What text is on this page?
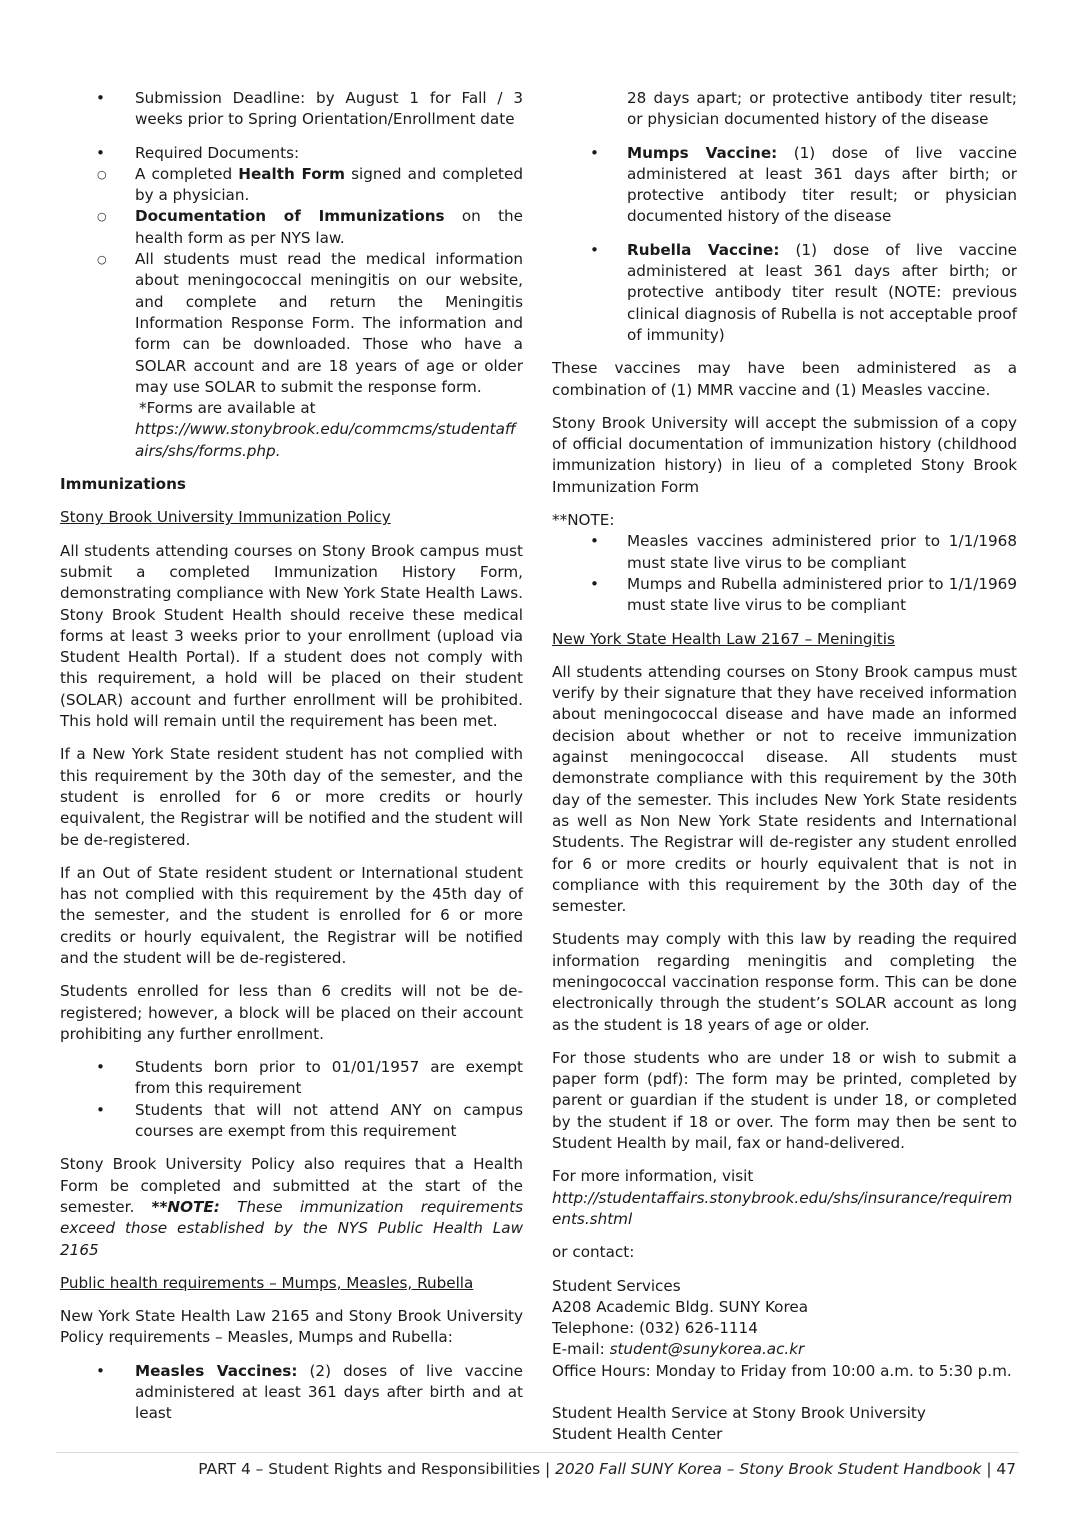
• Submission Deadline: by August 1 for Fall / 3 weeks prior to Spring Orientation/Enrollment date
• Required Documents:
○ A completed Health Form signed and completed by a physician.
○ Documentation of Immunizations on the health form as per NYS law.
○ All students must read the medical information about meningococcal meningitis on our website, and complete and return the Meningitis Information Response Form. The information and form can be downloaded. Those who have a SOLAR account and are 18 years of age or older may use SOLAR to submit the response form.
*Forms are available at
https://www.stonybrook.edu/commcms/studentaffairs/shs/forms.php.

Immunizations

Stony Brook University Immunization Policy

All students attending courses on Stony Brook campus must submit a completed Immunization History Form, demonstrating compliance with New York State Health Laws. Stony Brook Student Health should receive these medical forms at least 3 weeks prior to your enrollment (upload via Student Health Portal). If a student does not comply with this requirement, a hold will be placed on their student (SOLAR) account and further enrollment will be prohibited. This hold will remain until the requirement has been met.

If a New York State resident student has not complied with this requirement by the 30th day of the semester, and the student is enrolled for 6 or more credits or hourly equivalent, the Registrar will be notified and the student will be de-registered.

If an Out of State resident student or International student has not complied with this requirement by the 45th day of the semester, and the student is enrolled for 6 or more credits or hourly equivalent, the Registrar will be notified and the student will be de-registered.

Students enrolled for less than 6 credits will not be de-registered; however, a block will be placed on their account prohibiting any further enrollment.

• Students born prior to 01/01/1957 are exempt from this requirement
• Students that will not attend ANY on campus courses are exempt from this requirement

Stony Brook University Policy also requires that a Health Form be completed and submitted at the start of the semester. **NOTE: These immunization requirements exceed those established by the NYS Public Health Law 2165

Public health requirements – Mumps, Measles, Rubella

New York State Health Law 2165 and Stony Brook University Policy requirements – Measles, Mumps and Rubella:

• Measles Vaccines: (2) doses of live vaccine administered at least 361 days after birth and at least
28 days apart; or protective antibody titer result; or physician documented history of the disease
• Mumps Vaccine: (1) dose of live vaccine administered at least 361 days after birth; or protective antibody titer result; or physician documented history of the disease
• Rubella Vaccine: (1) dose of live vaccine administered at least 361 days after birth; or protective antibody titer result (NOTE: previous clinical diagnosis of Rubella is not acceptable proof of immunity)

These vaccines may have been administered as a combination of (1) MMR vaccine and (1) Measles vaccine.

Stony Brook University will accept the submission of a copy of official documentation of immunization history (childhood immunization history) in lieu of a completed Stony Brook Immunization Form

**NOTE:
• Measles vaccines administered prior to 1/1/1968 must state live virus to be compliant
• Mumps and Rubella administered prior to 1/1/1969 must state live virus to be compliant

New York State Health Law 2167 – Meningitis

All students attending courses on Stony Brook campus must verify by their signature that they have received information about meningococcal disease and have made an informed decision about whether or not to receive immunization against meningococcal disease. All students must demonstrate compliance with this requirement by the 30th day of the semester. This includes New York State residents as well as Non New York State residents and International Students. The Registrar will de-register any student enrolled for 6 or more credits or hourly equivalent that is not in compliance with this requirement by the 30th day of the semester.

Students may comply with this law by reading the required information regarding meningitis and completing the meningococcal vaccination response form. This can be done electronically through the student’s SOLAR account as long as the student is 18 years of age or older.

For those students who are under 18 or wish to submit a paper form (pdf): The form may be printed, completed by parent or guardian if the student is under 18, or completed by the student if 18 or over. The form may then be sent to Student Health by mail, fax or hand-delivered.

For more information, visit
http://studentaffairs.stonybrook.edu/shs/insurance/requirements.shtml
or contact:
Student Services
A208 Academic Bldg. SUNY Korea
Telephone: (032) 626-1114
E-mail: student@sunykorea.ac.kr
Office Hours: Monday to Friday from 10:00 a.m. to 5:30 p.m.
Student Health Service at Stony Brook University
Student Health Center
PART 4 – Student Rights and Responsibilities | 2020 Fall SUNY Korea – Stony Brook Student Handbook | 47
